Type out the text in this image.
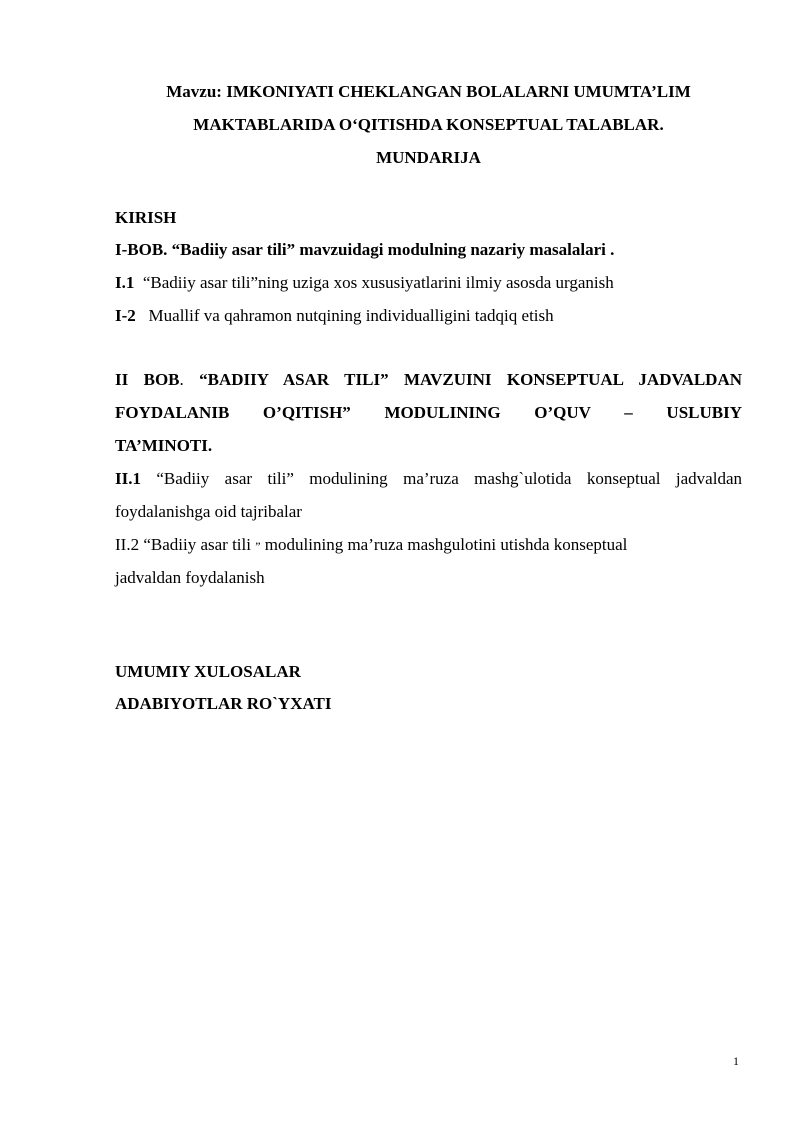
Mavzu: IMKONIYATI CHEKLANGAN BOLALARNI UMUMTA’LIM
MAKTABLARIDA O‘QITISHDA KONSEPTUAL TALABLAR.
MUNDARIJA
KIRISH
I-BOB. “Badiiy asar tili” mavzuidagi modulning nazariy masalalari .
I.1  “Badiiy asar tili”ning uziga xos xususiyatlarini ilmiy asosda urganish
I-2   Muallif va qahramon nutqining individualligini tadqiq etish
II BOB. “BADIIY ASAR TILI” MAVZUINI KONSEPTUAL JADVALDAN
FOYDALANIB O’QITISH” MODULINING O’QUV – USLUBIY
TA’MINOTI.
II.1 “Badiiy asar tili” modulining ma’ruza mashg`ulotida konseptual jadvaldan
foydalanishga oid tajribalar
II.2 “Badiiy asar tili ” modulining ma’ruza mashgulotini utishda konseptual
jadvaldan foydalanish
UMUMIY XULOSALAR
ADABIYOTLAR RO`YXATI
1
